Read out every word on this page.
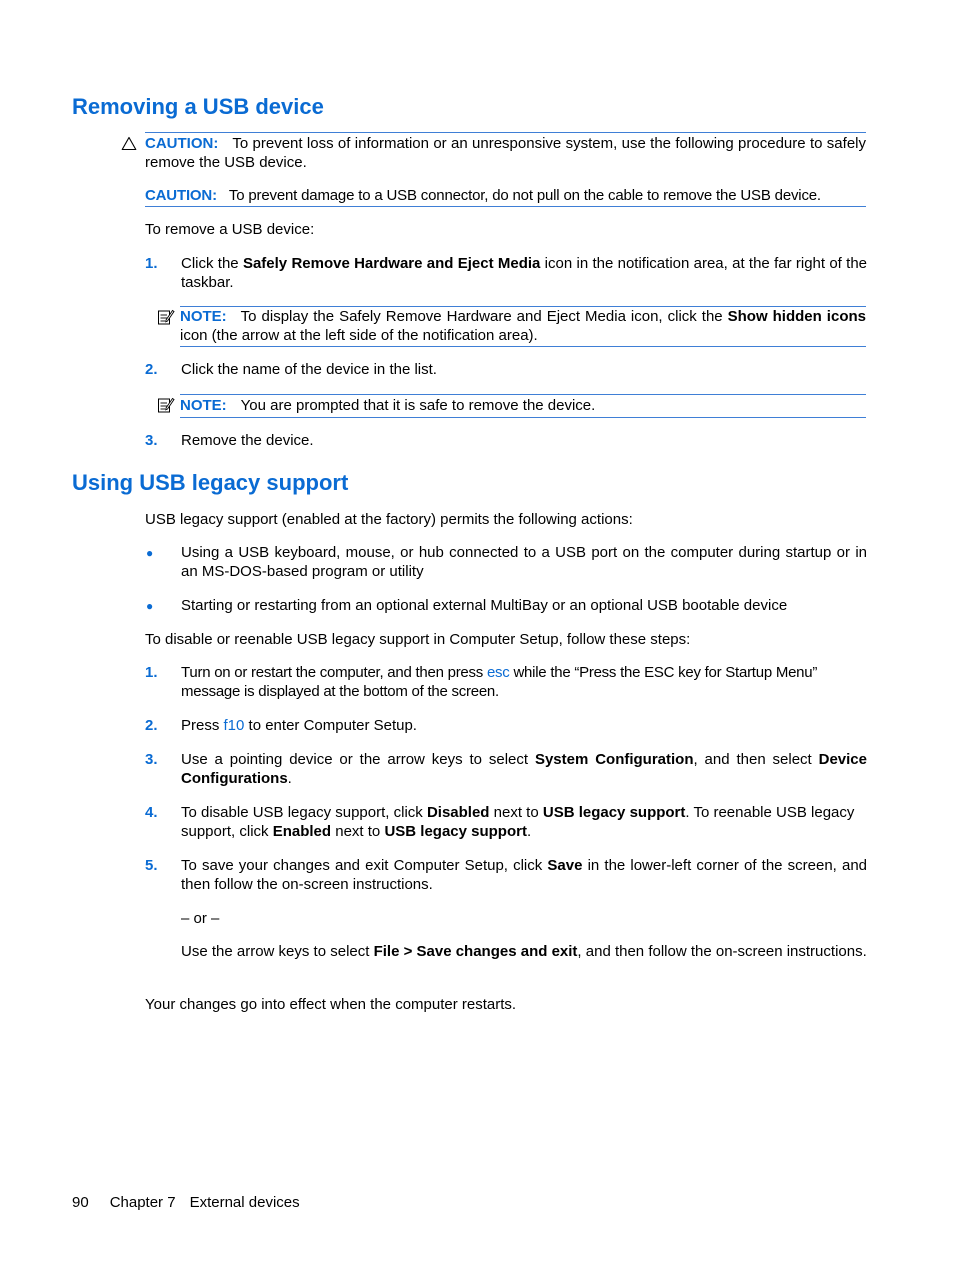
Removing a USB device
CAUTION: To prevent loss of information or an unresponsive system, use the following procedure to safely remove the USB device.
CAUTION: To prevent damage to a USB connector, do not pull on the cable to remove the USB device.
To remove a USB device:
1. Click the Safely Remove Hardware and Eject Media icon in the notification area, at the far right of the taskbar.
NOTE: To display the Safely Remove Hardware and Eject Media icon, click the Show hidden icons icon (the arrow at the left side of the notification area).
2. Click the name of the device in the list.
NOTE: You are prompted that it is safe to remove the device.
3. Remove the device.
Using USB legacy support
USB legacy support (enabled at the factory) permits the following actions:
● Using a USB keyboard, mouse, or hub connected to a USB port on the computer during startup or in an MS-DOS-based program or utility
● Starting or restarting from an optional external MultiBay or an optional USB bootable device
To disable or reenable USB legacy support in Computer Setup, follow these steps:
1. Turn on or restart the computer, and then press esc while the “Press the ESC key for Startup Menu” message is displayed at the bottom of the screen.
2. Press f10 to enter Computer Setup.
3. Use a pointing device or the arrow keys to select System Configuration, and then select Device Configurations.
4. To disable USB legacy support, click Disabled next to USB legacy support. To reenable USB legacy support, click Enabled next to USB legacy support.
5. To save your changes and exit Computer Setup, click Save in the lower-left corner of the screen, and then follow the on-screen instructions.
– or –
Use the arrow keys to select File > Save changes and exit, and then follow the on-screen instructions.
Your changes go into effect when the computer restarts.
90 Chapter 7 External devices
